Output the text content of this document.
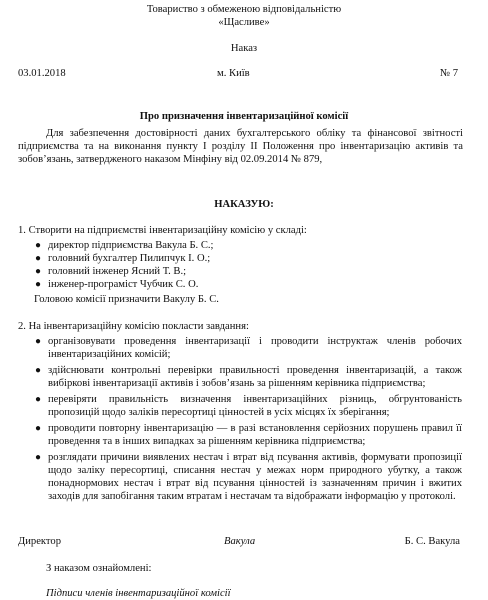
Товариство з обмеженою відповідальністю
«Щасливе»
Наказ
03.01.2018	м. Київ	№ 7
Про призначення інвентаризаційної комісії
Для забезпечення достовірності даних бухгалтерського обліку та фінансової звітності підприємства та на виконання пункту І розділу ІІ Положення про інвентаризацію активів та зобов’язань, затвердженого наказом Мінфіну від 02.09.2014 № 879,
НАКАЗУЮ:
1. Створити на підприємстві інвентаризаційну комісію у складі:
● директор підприємства Вакула Б. С.;
● головний бухгалтер Пилипчук І. О.;
● головний інженер Ясний Т. В.;
● інженер-програміст Чубчик С. О.
Головою комісії призначити Вакулу Б. С.
2. На інвентаризаційну комісію покласти завдання:
● організовувати проведення інвентаризації і проводити інструктаж членів робочих інвентаризаційних комісій;
● здійснювати контрольні перевірки правильності проведення інвентаризацій, а також вибіркові інвентаризації активів і зобов’язань за рішенням керівника підприємства;
● перевіряти правильність визначення інвентаризаційних різниць, обгрунтованість пропозицій щодо заліків пересортиці цінностей в усіх місцях їх зберігання;
● проводити повторну інвентаризацію — в разі встановлення серйозних порушень правил її проведення та в інших випадках за рішенням керівника підприємства;
● розглядати причини виявлених нестач і втрат від псування активів, формувати пропозиції щодо заліку пересортиці, списання нестач у межах норм природного убутку, а також понаднормових нестач і втрат від псування цінностей із зазначенням причин і вжитих заходів для запобігання таким втратам і нестачам та відображати інформацію у протоколі.
Директор	Вакула	Б. С. Вакула
З наказом ознайомлені:
Підписи членів інвентаризаційної комісії
